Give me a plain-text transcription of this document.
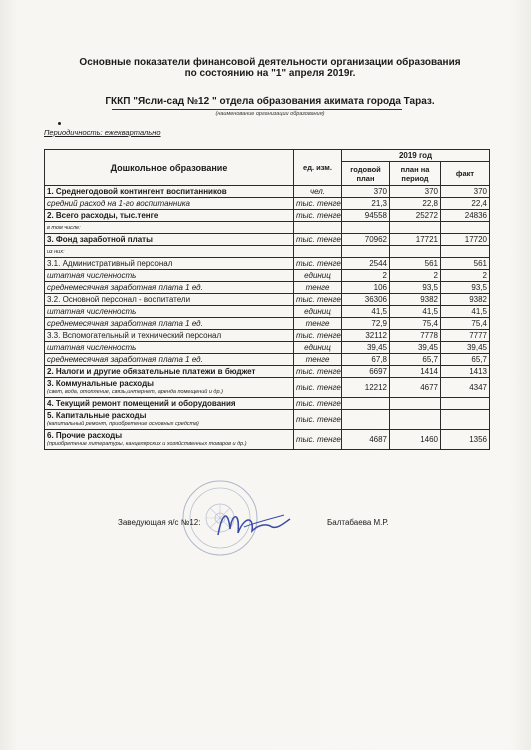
Основные показатели финансовой деятельности организации образования
по состоянию на "1" апреля 2019г.
ГККП "Ясли-сад №12 " отдела образования акимата города Тараз.
(наименование организации образования)
Периодичность: ежеквартально
Дошкольное образование	ед. изм.	2019 год		
		годовой план	план на период	факт
1. Среднегодовой контингент воспитанников	чел.	370	370	370
средний расход на 1-го воспитанника	тыс. тенге	21,3	22,8	22,4
2. Всего расходы, тыс.тенге	тыс. тенге	94558	25272	24836
в том числе:				
3. Фонд заработной платы	тыс. тенге	70962	17721	17720
из них:				
3.1. Административный персонал	тыс. тенге	2544	561	561
штатная численность	единиц	2	2	2
среднемесячная заработная плата 1 ед.	тенге	106	93,5	93,5
3.2. Основной персонал - воспитатели	тыс. тенге	36306	9382	9382
штатная численность	единиц	41,5	41,5	41,5
среднемесячная заработная плата 1 ед.	тенге	72,9	75,4	75,4
3.3. Вспомогательный и технический персонал	тыс. тенге	32112	7778	7777
штатная численность	единиц	39,45	39,45	39,45
среднемесячная заработная плата 1 ед.	тенге	67,8	65,7	65,7
2. Налоги и другие обязательные платежи в бюджет	тыс. тенге	6697	1414	1413
3. Коммунальные расходы
(свет, вода, отопление, связь,интернет, аренда помещений и др.)	тыс. тенге	12212	4677	4347
4. Текущий ремонт помещений и оборудования	тыс. тенге			
5. Капитальные расходы
(капитальный ремонт, приобретение основных средств)	тыс. тенге			
6. Прочие расходы
(приобретение литературы, канцелярских и хозяйственных товаров и др.)	тыс. тенге	4687	1460	1356
Заведующая я/с №12:	Балтабаева М.Р.
